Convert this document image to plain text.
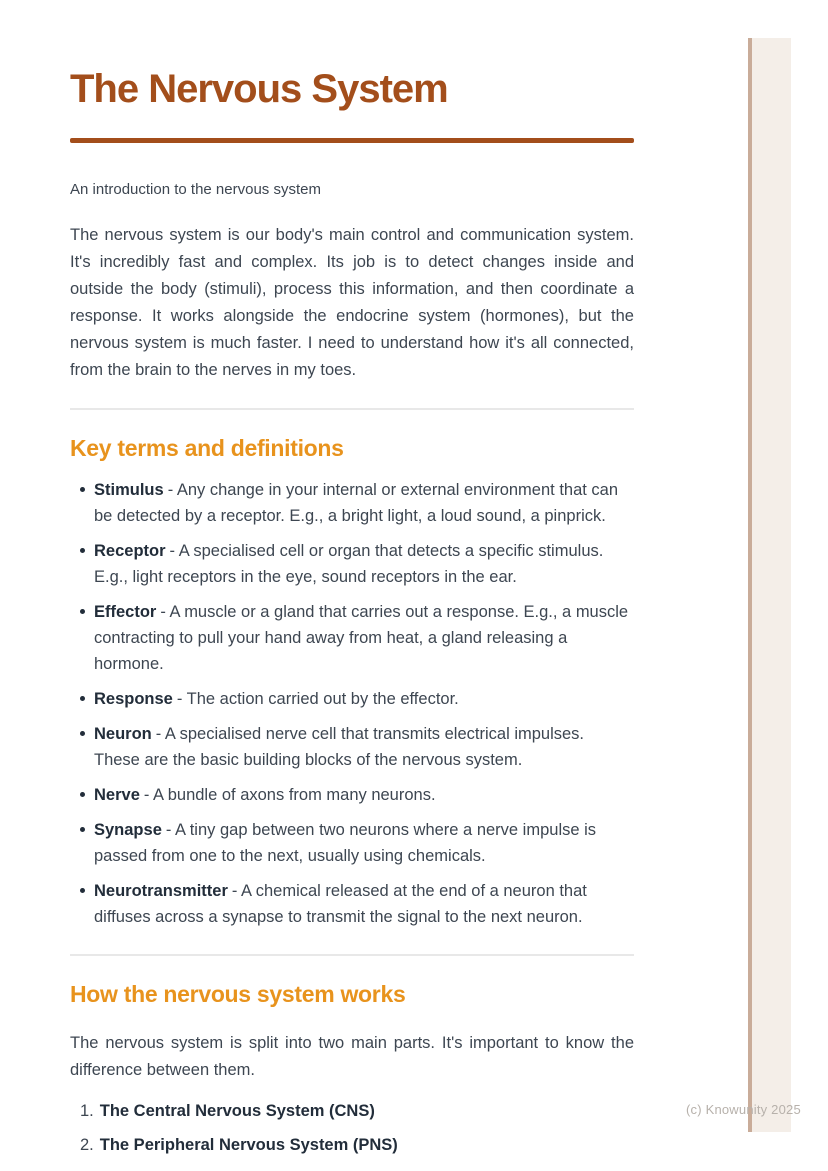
The Nervous System

An introduction to the nervous system

The nervous system is our body's main control and communication system. It's incredibly fast and complex. Its job is to detect changes inside and outside the body (stimuli), process this information, and then coordinate a response. It works alongside the endocrine system (hormones), but the nervous system is much faster. I need to understand how it's all connected, from the brain to the nerves in my toes.

Key terms and definitions
Stimulus - Any change in your internal or external environment that can be detected by a receptor. E.g., a bright light, a loud sound, a pinprick.
Receptor - A specialised cell or organ that detects a specific stimulus. E.g., light receptors in the eye, sound receptors in the ear.
Effector - A muscle or a gland that carries out a response. E.g., a muscle contracting to pull your hand away from heat, a gland releasing a hormone.
Response - The action carried out by the effector.
Neuron - A specialised nerve cell that transmits electrical impulses. These are the basic building blocks of the nervous system.
Nerve - A bundle of axons from many neurons.
Synapse - A tiny gap between two neurons where a nerve impulse is passed from one to the next, usually using chemicals.
Neurotransmitter - A chemical released at the end of a neuron that diffuses across a synapse to transmit the signal to the next neuron.
How the nervous system works

The nervous system is split into two main parts. It's important to know the difference between them.

1. The Central Nervous System (CNS)
2. The Peripheral Nervous System (PNS)
(c) Knowunity 2025
